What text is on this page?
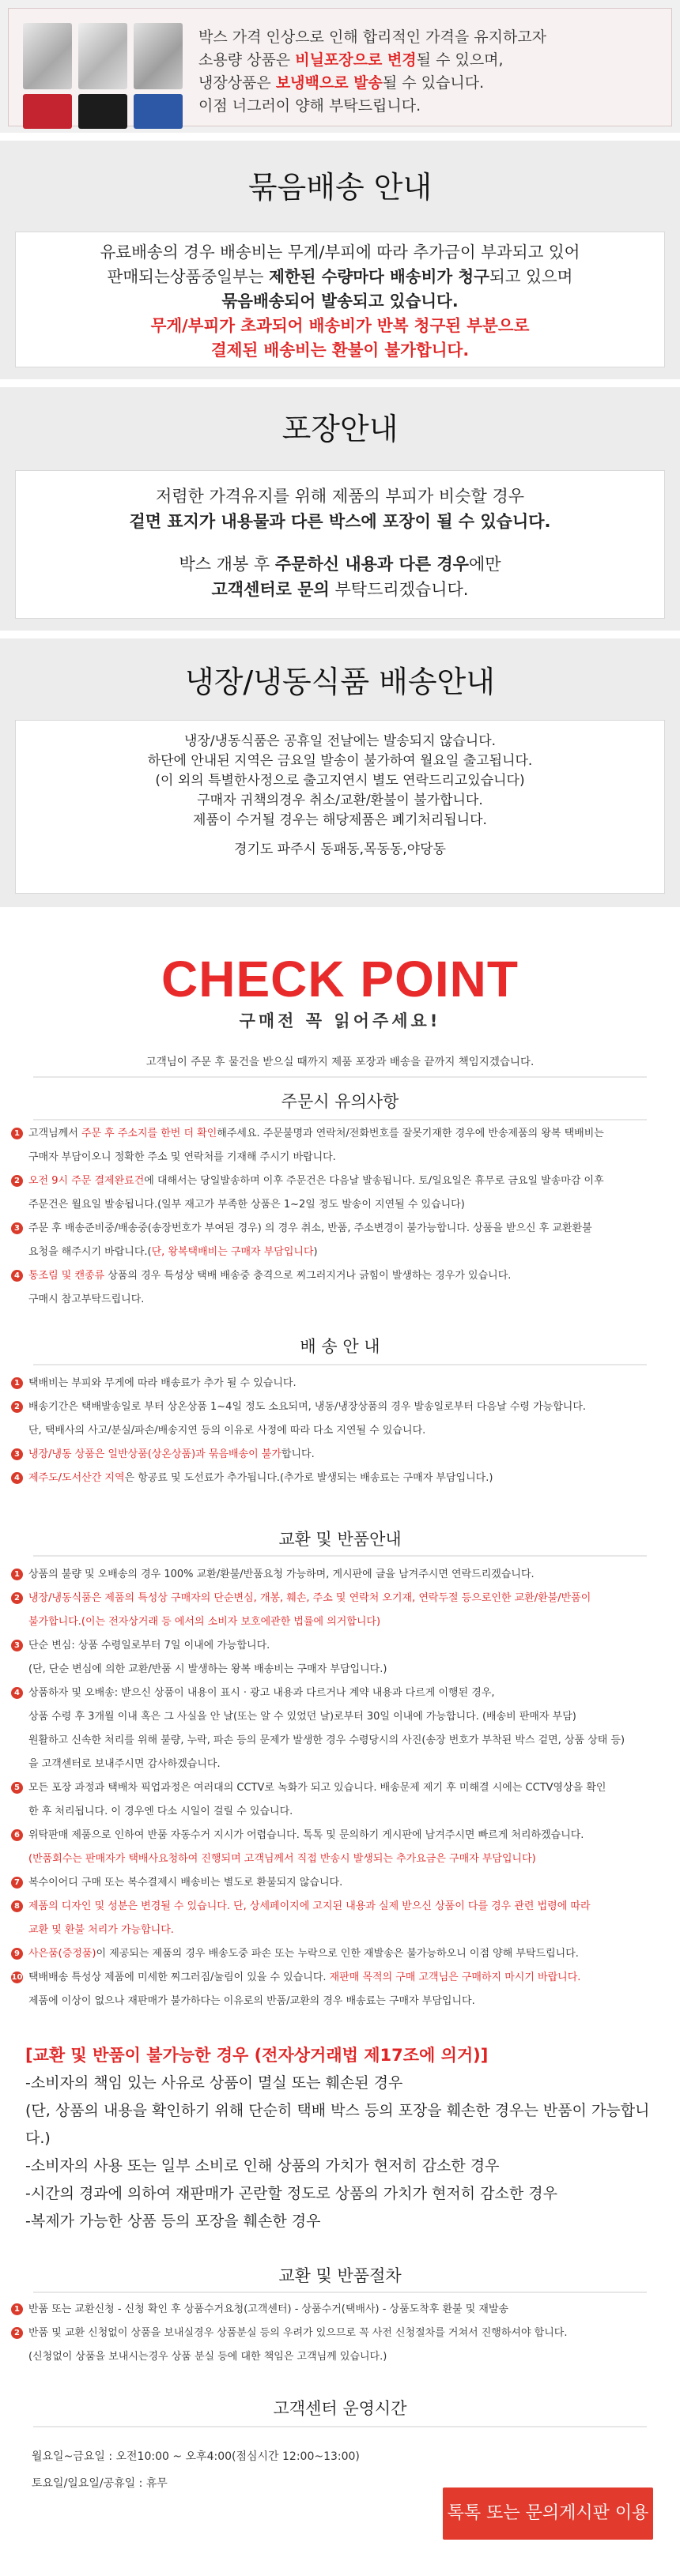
박스 가격 인상으로 인해 합리적인 가격을 유지하고자
소용량 상품은 비닐포장으로 변경될 수 있으며,
냉장상품은 보냉백으로 발송될 수 있습니다.
이점 너그러이 양해 부탁드립니다.
묶음배송 안내
유료배송의 경우 배송비는 무게/부피에 따라 추가금이 부과되고 있어
판매되는상품중일부는 제한된 수량마다 배송비가 청구되고 있으며
묶음배송되어 발송되고 있습니다.
무게/부피가 초과되어 배송비가 반복 청구된 부분으로
결제된 배송비는 환불이 불가합니다.
포장안내
저렴한 가격유지를 위해 제품의 부피가 비슷할 경우
겉면 표지가 내용물과 다른 박스에 포장이 될 수 있습니다.
박스 개봉 후 주문하신 내용과 다른 경우에만
고객센터로 문의 부탁드리겠습니다.
냉장/냉동식품 배송안내
냉장/냉동식품은 공휴일 전날에는 발송되지 않습니다.
하단에 안내된 지역은 금요일 발송이 불가하여 월요일 출고됩니다.
(이 외의 특별한사정으로 출고지연시 별도 연락드리고있습니다)
구매자 귀책의경우 취소/교환/환불이 불가합니다.
제품이 수거될 경우는 해당제품은 폐기처리됩니다.
경기도 파주시 동패동,목동동,야당동
CHECK POINT
구매전 꼭 읽어주세요!
고객님이 주문 후 물건을 받으실 때까지 제품 포장과 배송을 끝까지 책임지겠습니다.
주문시 유의사항
1 고객님께서 주문 후 주소지를 한번 더 확인해주세요. 주문불명과 연락처/전화번호를 잘못기재한 경우에 반송제품의 왕복 택배비는
구매자 부담이오니 정확한 주소 및 연락처를 기재해 주시기 바랍니다.
2 오전 9시 주문 결제완료건에 대해서는 당일발송하며 이후 주문건은 다음날 발송됩니다. 토/일요일은 휴무로 금요일 발송마감 이후
주문건은 월요일 발송됩니다.(일부 재고가 부족한 상품은 1~2일 정도 발송이 지연될 수 있습니다)
3 주문 후 배송준비중/배송중(송장번호가 부여된 경우) 의 경우 취소, 반품, 주소변경이 불가능합니다. 상품을 받으신 후 교환환불
요청을 해주시기 바랍니다.(단, 왕복택배비는 구매자 부담입니다)
4 통조림 및 캔종류 상품의 경우 특성상 택배 배송중 충격으로 찌그러지거나 긁힘이 발생하는 경우가 있습니다.
구매시 참고부탁드립니다.
배 송 안 내
1 택배비는 부피와 무게에 따라 배송료가 추가 될 수 있습니다.
2 배송기간은 택배발송일로 부터 상온상품 1~4일 정도 소요되며, 냉동/냉장상품의 경우 발송일로부터 다음날 수령 가능합니다.
단, 택배사의 사고/분실/파손/배송지연 등의 이유로 사정에 따라 다소 지연될 수 있습니다.
3 냉장/냉동 상품은 일반상품(상온상품)과 묶음배송이 불가합니다.
4 제주도/도서산간 지역은 항공료 및 도선료가 추가됩니다.(추가로 발생되는 배송료는 구매자 부담입니다.)
교환 및 반품안내
1 상품의 불량 및 오배송의 경우 100% 교환/환불/반품요청 가능하며, 게시판에 글을 남겨주시면 연락드리겠습니다.
2 냉장/냉동식품은 제품의 특성상 구매자의 단순변심, 개봉, 훼손, 주소 및 연락처 오기재, 연락두절 등으로인한 교환/환불/반품이
불가합니다.(이는 전자상거래 등 에서의 소비자 보호에관한 법률에 의거합니다)
3 단순 변심: 상품 수령일로부터 7일 이내에 가능합니다.
(단, 단순 변심에 의한 교환/반품 시 발생하는 왕복 배송비는 구매자 부담입니다.)
4 상품하자 및 오배송: 받으신 상품이 내용이 표시 · 광고 내용과 다르거나 계약 내용과 다르게 이행된 경우,
상품 수령 후 3개월 이내 혹은 그 사실을 안 날(또는 알 수 있었던 날)로부터 30일 이내에 가능합니다. (배송비 판매자 부담)
원활하고 신속한 처리를 위해 불량, 누락, 파손 등의 문제가 발생한 경우 수령당시의 사진(송장 번호가 부착된 박스 겉면, 상품 상태 등)
을 고객센터로 보내주시면 감사하겠습니다.
5 모든 포장 과정과 택배차 픽업과정은 여러대의 CCTV로 녹화가 되고 있습니다. 배송문제 제기 후 미해결 시에는 CCTV영상을 확인
한 후 처리됩니다. 이 경우엔 다소 시일이 걸릴 수 있습니다.
6 위탁판매 제품으로 인하여 반품 자동수거 지시가 어렵습니다. 톡톡 및 문의하기 게시판에 남겨주시면 빠르게 처리하겠습니다.
(반품회수는 판매자가 택배사요청하여 진행되며 고객님께서 직접 반송시 발생되는 추가요금은 구매자 부담입니다)
7 복수이어디 구매 또는 복수결제시 배송비는 별도로 환불되지 않습니다.
8 제품의 디자인 및 성분은 변경될 수 있습니다. 단, 상세페이지에 고지된 내용과 실제 받으신 상품이 다를 경우 관련 법령에 따라
교환 및 환불 처리가 가능합니다.
9 사은품(증정품)이 제공되는 제품의 경우 배송도중 파손 또는 누락으로 인한 재발송은 불가능하오니 이점 양해 부탁드립니다.
10 택배배송 특성상 제품에 미세한 찌그러짐/눌림이 있을 수 있습니다. 재판매 목적의 구매 고객님은 구매하지 마시기 바랍니다.
제품에 이상이 없으나 재판매가 불가하다는 이유로의 반품/교환의 경우 배송료는 구매자 부담입니다.
[교환 및 반품이 불가능한 경우 (전자상거래법 제17조에 의거)]
-소비자의 책임 있는 사유로 상품이 멸실 또는 훼손된 경우
(단, 상품의 내용을 확인하기 위해 단순히 택배 박스 등의 포장을 훼손한 경우는 반품이 가능합니다.)
-소비자의 사용 또는 일부 소비로 인해 상품의 가치가 현저히 감소한 경우
-시간의 경과에 의하여 재판매가 곤란할 정도로 상품의 가치가 현저히 감소한 경우
-복제가 가능한 상품 등의 포장을 훼손한 경우
교환 및 반품절차
1 반품 또는 교환신청 - 신청 확인 후 상품수거요청(고객센터) - 상품수거(택배사) - 상품도착후 환불 및 재발송
2 반품 및 교환 신청없이 상품을 보내실경우 상품분실 등의 우려가 있으므로 꼭 사전 신청절차를 거쳐서 진행하셔야 합니다.
(신청없이 상품을 보내시는경우 상품 분실 등에 대한 책임은 고객님께 있습니다.)
고객센터 운영시간
월요일~금요일 : 오전10:00 ~ 오후4:00(점심시간 12:00~13:00)
토요일/일요일/공휴일 : 휴무
톡톡 또는 문의게시판 이용
